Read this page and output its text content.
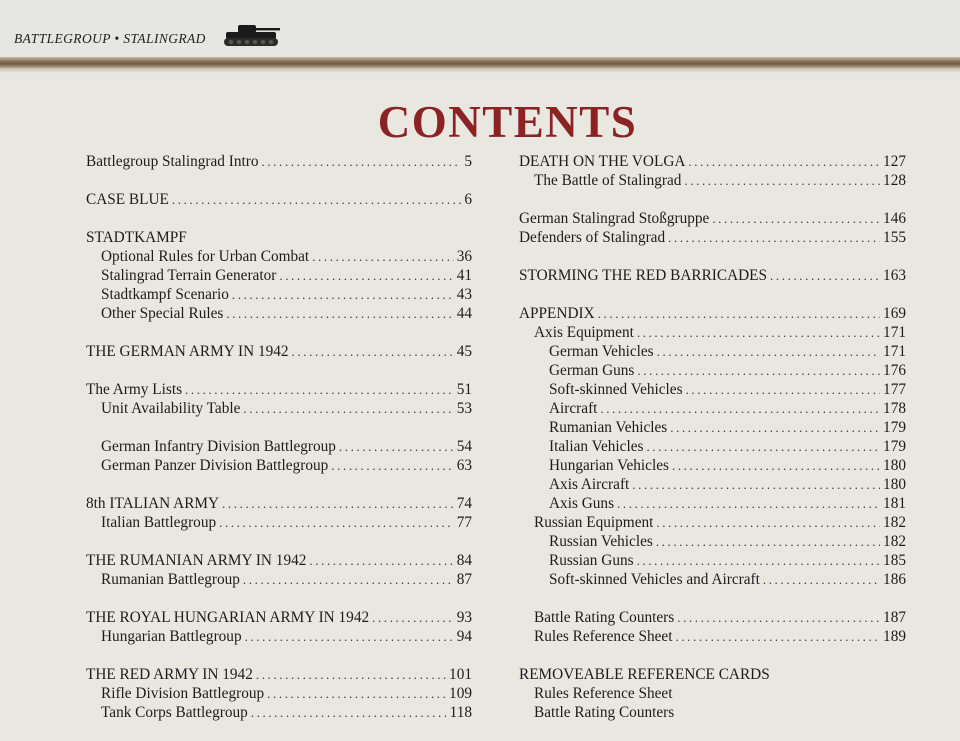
BATTLEGROUP • STALINGRAD
CONTENTS
Battlegroup Stalingrad Intro .....	5
CASE BLUE .....	6
STADTKAMPF
Optional Rules for Urban Combat .....	36
Stalingrad Terrain Generator .....	41
Stadtkampf Scenario .....	43
Other Special Rules .....	44
THE GERMAN ARMY IN 1942 .....	45
The Army Lists .....	51
Unit Availability Table .....	53
German Infantry Division Battlegroup .....	54
German Panzer Division Battlegroup .....	63
8th ITALIAN ARMY .....	74
Italian Battlegroup .....	77
THE RUMANIAN ARMY IN 1942 .....	84
Rumanian Battlegroup .....	87
THE ROYAL HUNGARIAN ARMY IN 1942 .....	93
Hungarian Battlegroup .....	94
THE RED ARMY IN 1942 .....	101
Rifle Division Battlegroup .....	109
Tank Corps Battlegroup .....	118
DEATH ON THE VOLGA .....	127
The Battle of Stalingrad .....	128
German Stalingrad Stoßgruppe .....	146
Defenders of Stalingrad .....	155
STORMING THE RED BARRICADES .....	163
APPENDIX .....	169
Axis Equipment .....	171
German Vehicles .....	171
German Guns .....	176
Soft-skinned Vehicles .....	177
Aircraft .....	178
Rumanian Vehicles .....	179
Italian Vehicles .....	179
Hungarian Vehicles .....	180
Axis Aircraft .....	180
Axis Guns .....	181
Russian Equipment .....	182
Russian Vehicles .....	182
Russian Guns .....	185
Soft-skinned Vehicles and Aircraft .....	186
Battle Rating Counters .....	187
Rules Reference Sheet .....	189
REMOVEABLE REFERENCE CARDS
Rules Reference Sheet
Battle Rating Counters
